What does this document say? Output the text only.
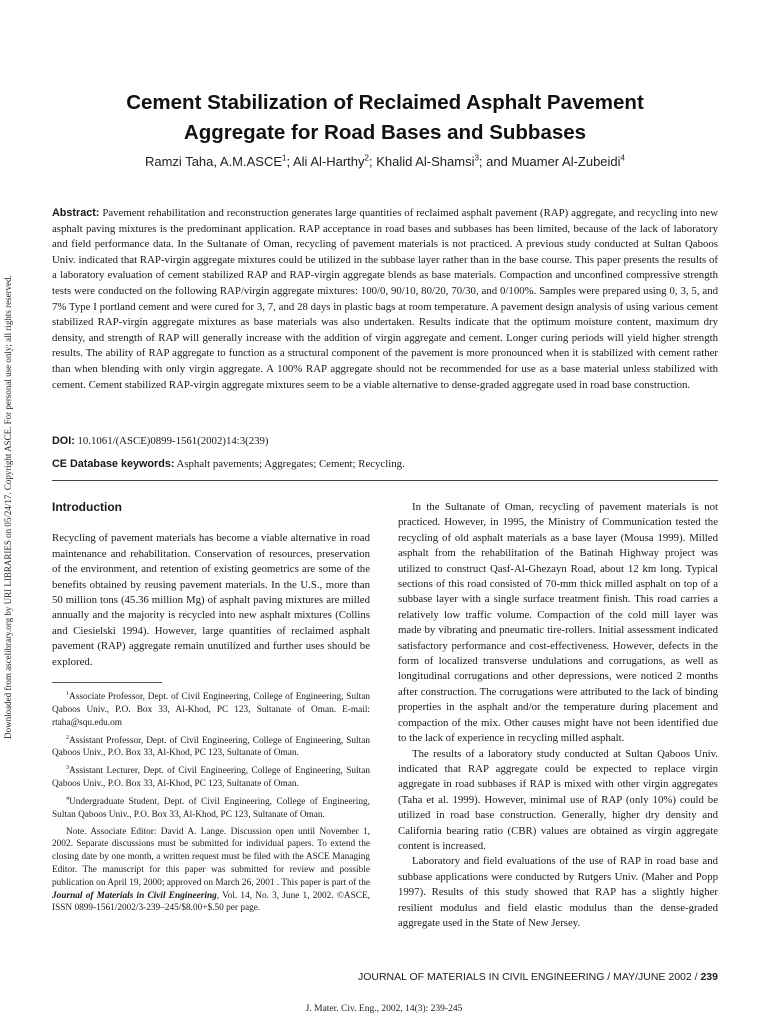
Downloaded from ascelibrary.org by URI LIBRARIES on 05/24/17. Copyright ASCE. For personal use only; all rights reserved.
Cement Stabilization of Reclaimed Asphalt Pavement
Aggregate for Road Bases and Subbases
Ramzi Taha, A.M.ASCE$^1$; Ali Al-Harthy$^2$; Khalid Al-Shamsi$^3$; and Muamer Al-Zubeidi$^4$
Abstract: Pavement rehabilitation and reconstruction generates large quantities of reclaimed asphalt pavement (RAP) aggregate, and recycling into new asphalt paving mixtures is the predominant application. RAP acceptance in road bases and subbases has been limited, because of the lack of laboratory and field performance data. In the Sultanate of Oman, recycling of pavement materials is not practiced. A previous study conducted at Sultan Qaboos Univ. indicated that RAP-virgin aggregate mixtures could be utilized in the subbase layer rather than in the base course. This paper presents the results of a laboratory evaluation of cement stabilized RAP and RAP-virgin aggregate blends as base materials. Compaction and unconfined compressive strength tests were conducted on the following RAP/virgin aggregate mixtures: 100/0, 90/10, 80/20, 70/30, and 0/100%. Samples were prepared using 0, 3, 5, and 7% Type I portland cement and were cured for 3, 7, and 28 days in plastic bags at room temperature. A pavement design analysis of using various cement stabilized RAP-virgin aggregate mixtures as base materials was also undertaken. Results indicate that the optimum moisture content, maximum dry density, and strength of RAP will generally increase with the addition of virgin aggregate and cement. Longer curing periods will yield higher strength results. The ability of RAP aggregate to function as a structural component of the pavement is more pronounced when it is stabilized with cement rather than when blending with only virgin aggregate. A 100% RAP aggregate should not be recommended for use as a base material unless stabilized with cement. Cement stabilized RAP-virgin aggregate mixtures seem to be a viable alternative to dense-graded aggregate used in road base construction.
DOI: 10.1061/(ASCE)0899-1561(2002)14:3(239)
CE Database keywords: Asphalt pavements; Aggregates; Cement; Recycling.
Introduction

Recycling of pavement materials has become a viable alternative in road maintenance and rehabilitation. Conservation of resources, preservation of the environment, and retention of existing geometrics are some of the benefits obtained by reusing pavement materials. In the U.S., more than 50 million tons (45.36 million Mg) of asphalt paving mixtures are milled annually and the majority is recycled into new asphalt mixtures (Collins and Ciesielski 1994). However, large quantities of reclaimed asphalt pavement (RAP) aggregate remain unutilized and further uses should be explored.

$^1$Associate Professor, Dept. of Civil Engineering, College of Engineering, Sultan Qaboos Univ., P.O. Box 33, Al-Khod, PC 123, Sultanate of Oman. E-mail: rtaha@squ.edu.om

$^2$Assistant Professor, Dept. of Civil Engineering, College of Engineering, Sultan Qaboos Univ., P.O. Box 33, Al-Khod, PC 123, Sultanate of Oman.

$^3$Assistant Lecturer, Dept. of Civil Engineering, College of Engineering, Sultan Qaboos Univ., P.O. Box 33, Al-Khod, PC 123, Sultanate of Oman.

$^4$Undergraduate Student, Dept. of Civil Engineering, College of Engineering, Sultan Qaboos Univ., P.O. Box 33, Al-Khod, PC 123, Sultanate of Oman.

Note. Associate Editor: David A. Lange. Discussion open until November 1, 2002. Separate discussions must be submitted for individual papers. To extend the closing date by one month, a written request must be filed with the ASCE Managing Editor. The manuscript for this paper was submitted for review and possible publication on April 19, 2000; approved on March 26, 2001 . This paper is part of the Journal of Materials in Civil Engineering, Vol. 14, No. 3, June 1, 2002. ©ASCE, ISSN 0899-1561/2002/3-239–245/$8.00+$.50 per page.

In the Sultanate of Oman, recycling of pavement materials is not practiced. However, in 1995, the Ministry of Communication tested the recycling of old asphalt materials as a base layer (Mousa 1999). Milled asphalt from the rehabilitation of the Batinah Highway project was utilized to construct Qasf-Al-Ghezayn Road, about 12 km long. Typical sections of this road consisted of 70-mm thick milled asphalt on top of a subbase layer with a single surface treatment finish. This road carries a relatively low traffic volume. Compaction of the cold mill layer was made by vibrating and pneumatic tire-rollers. Initial assessment indicated satisfactory performance and cost-effectiveness. However, defects in the form of localized transverse undulations and corrugations, as well as longitudinal corrugations and other depressions, were noticed 2 months after construction. The corrugations were attributed to the lack of binding properties in the asphalt and/or the temperature during placement and compaction of the mix. Other causes might have not been identified due to the lack of experience in recycling milled asphalt.

The results of a laboratory study conducted at Sultan Qaboos Univ. indicated that RAP aggregate could be expected to replace virgin aggregate in road subbases if RAP is mixed with other virgin aggregates (Taha et al. 1999). However, minimal use of RAP (only 10%) could be utilized in road base construction. Generally, higher dry density and California bearing ratio (CBR) values are obtained as virgin aggregate content is increased.

Laboratory and field evaluations of the use of RAP in road base and subbase applications were conducted by Rutgers Univ. (Maher and Popp 1997). Results of this study showed that RAP has a slightly higher resilient modulus and field elastic modulus than the dense-graded aggregate used in the State of New Jersey.

JOURNAL OF MATERIALS IN CIVIL ENGINEERING / MAY/JUNE 2002 / 239
J. Mater. Civ. Eng., 2002, 14(3): 239-245
